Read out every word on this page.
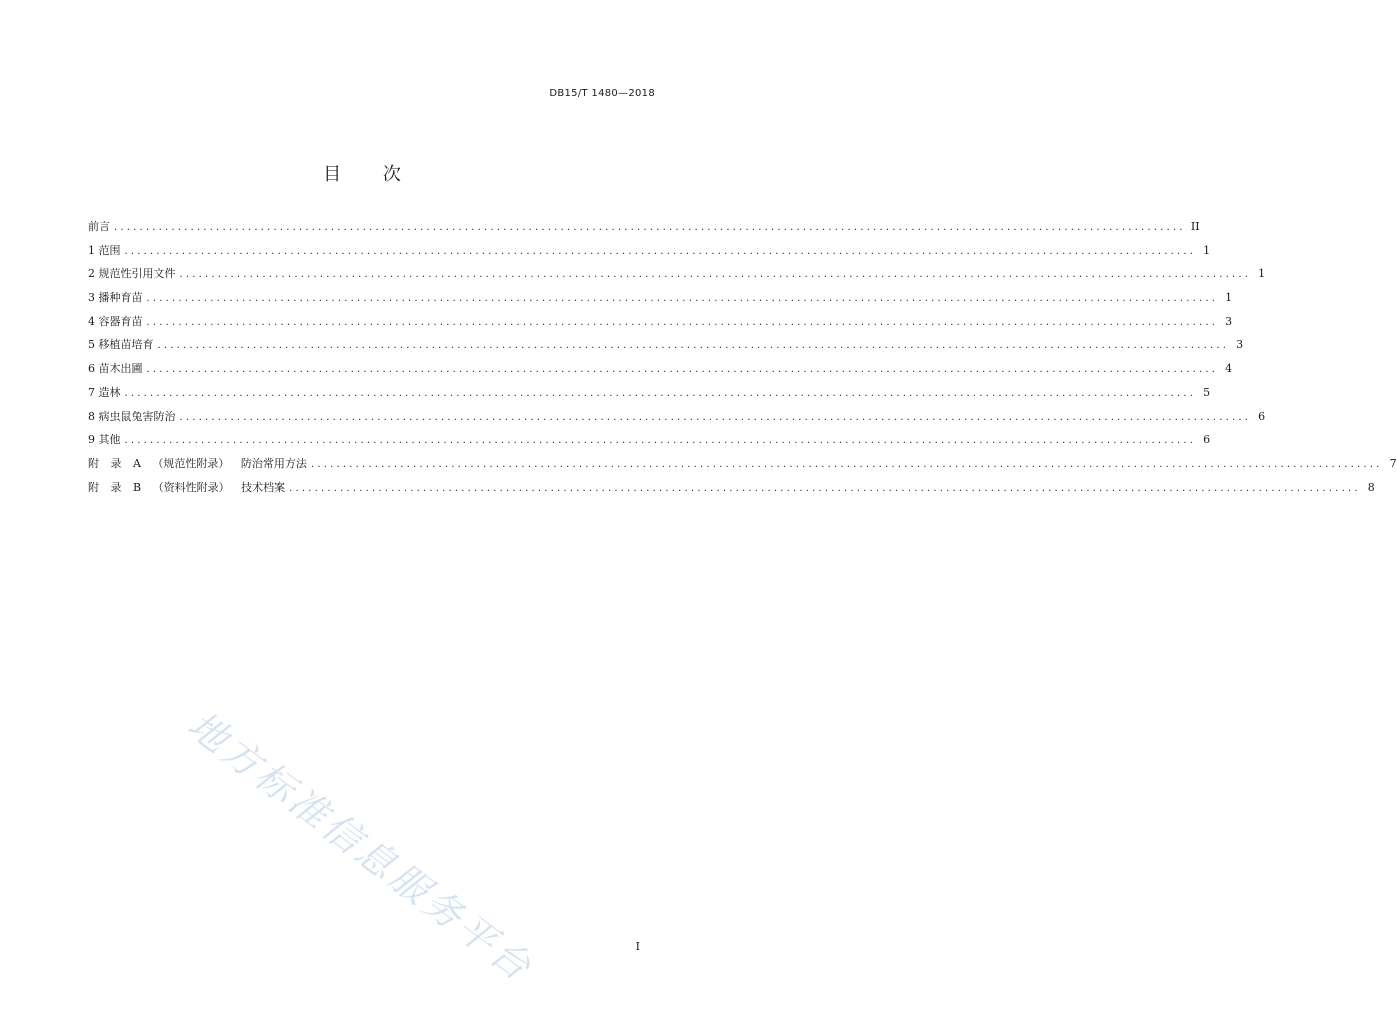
DB15/T 1480—2018
目 次
前言 ........................................................................................................................................................................ II
1 范围 ........................................................................................................................................................................ 1
2 规范性引用文件 ........................................................................................................................................................................ 1
3 播种育苗 ........................................................................................................................................................................ 1
4 容器育苗 ........................................................................................................................................................................ 3
5 移植苗培育 ........................................................................................................................................................................ 3
6 苗木出圃 ........................................................................................................................................................................ 4
7 造林 ........................................................................................................................................................................ 5
8 病虫鼠兔害防治 ........................................................................................................................................................................ 6
9 其他 ........................................................................................................................................................................ 6
附 录 A （规范性附录） 防治常用方法 ........................................................................................................................................................................ 7
附 录 B （资料性附录） 技术档案 ........................................................................................................................................................................ 8
地方标准信息服务平台	I
